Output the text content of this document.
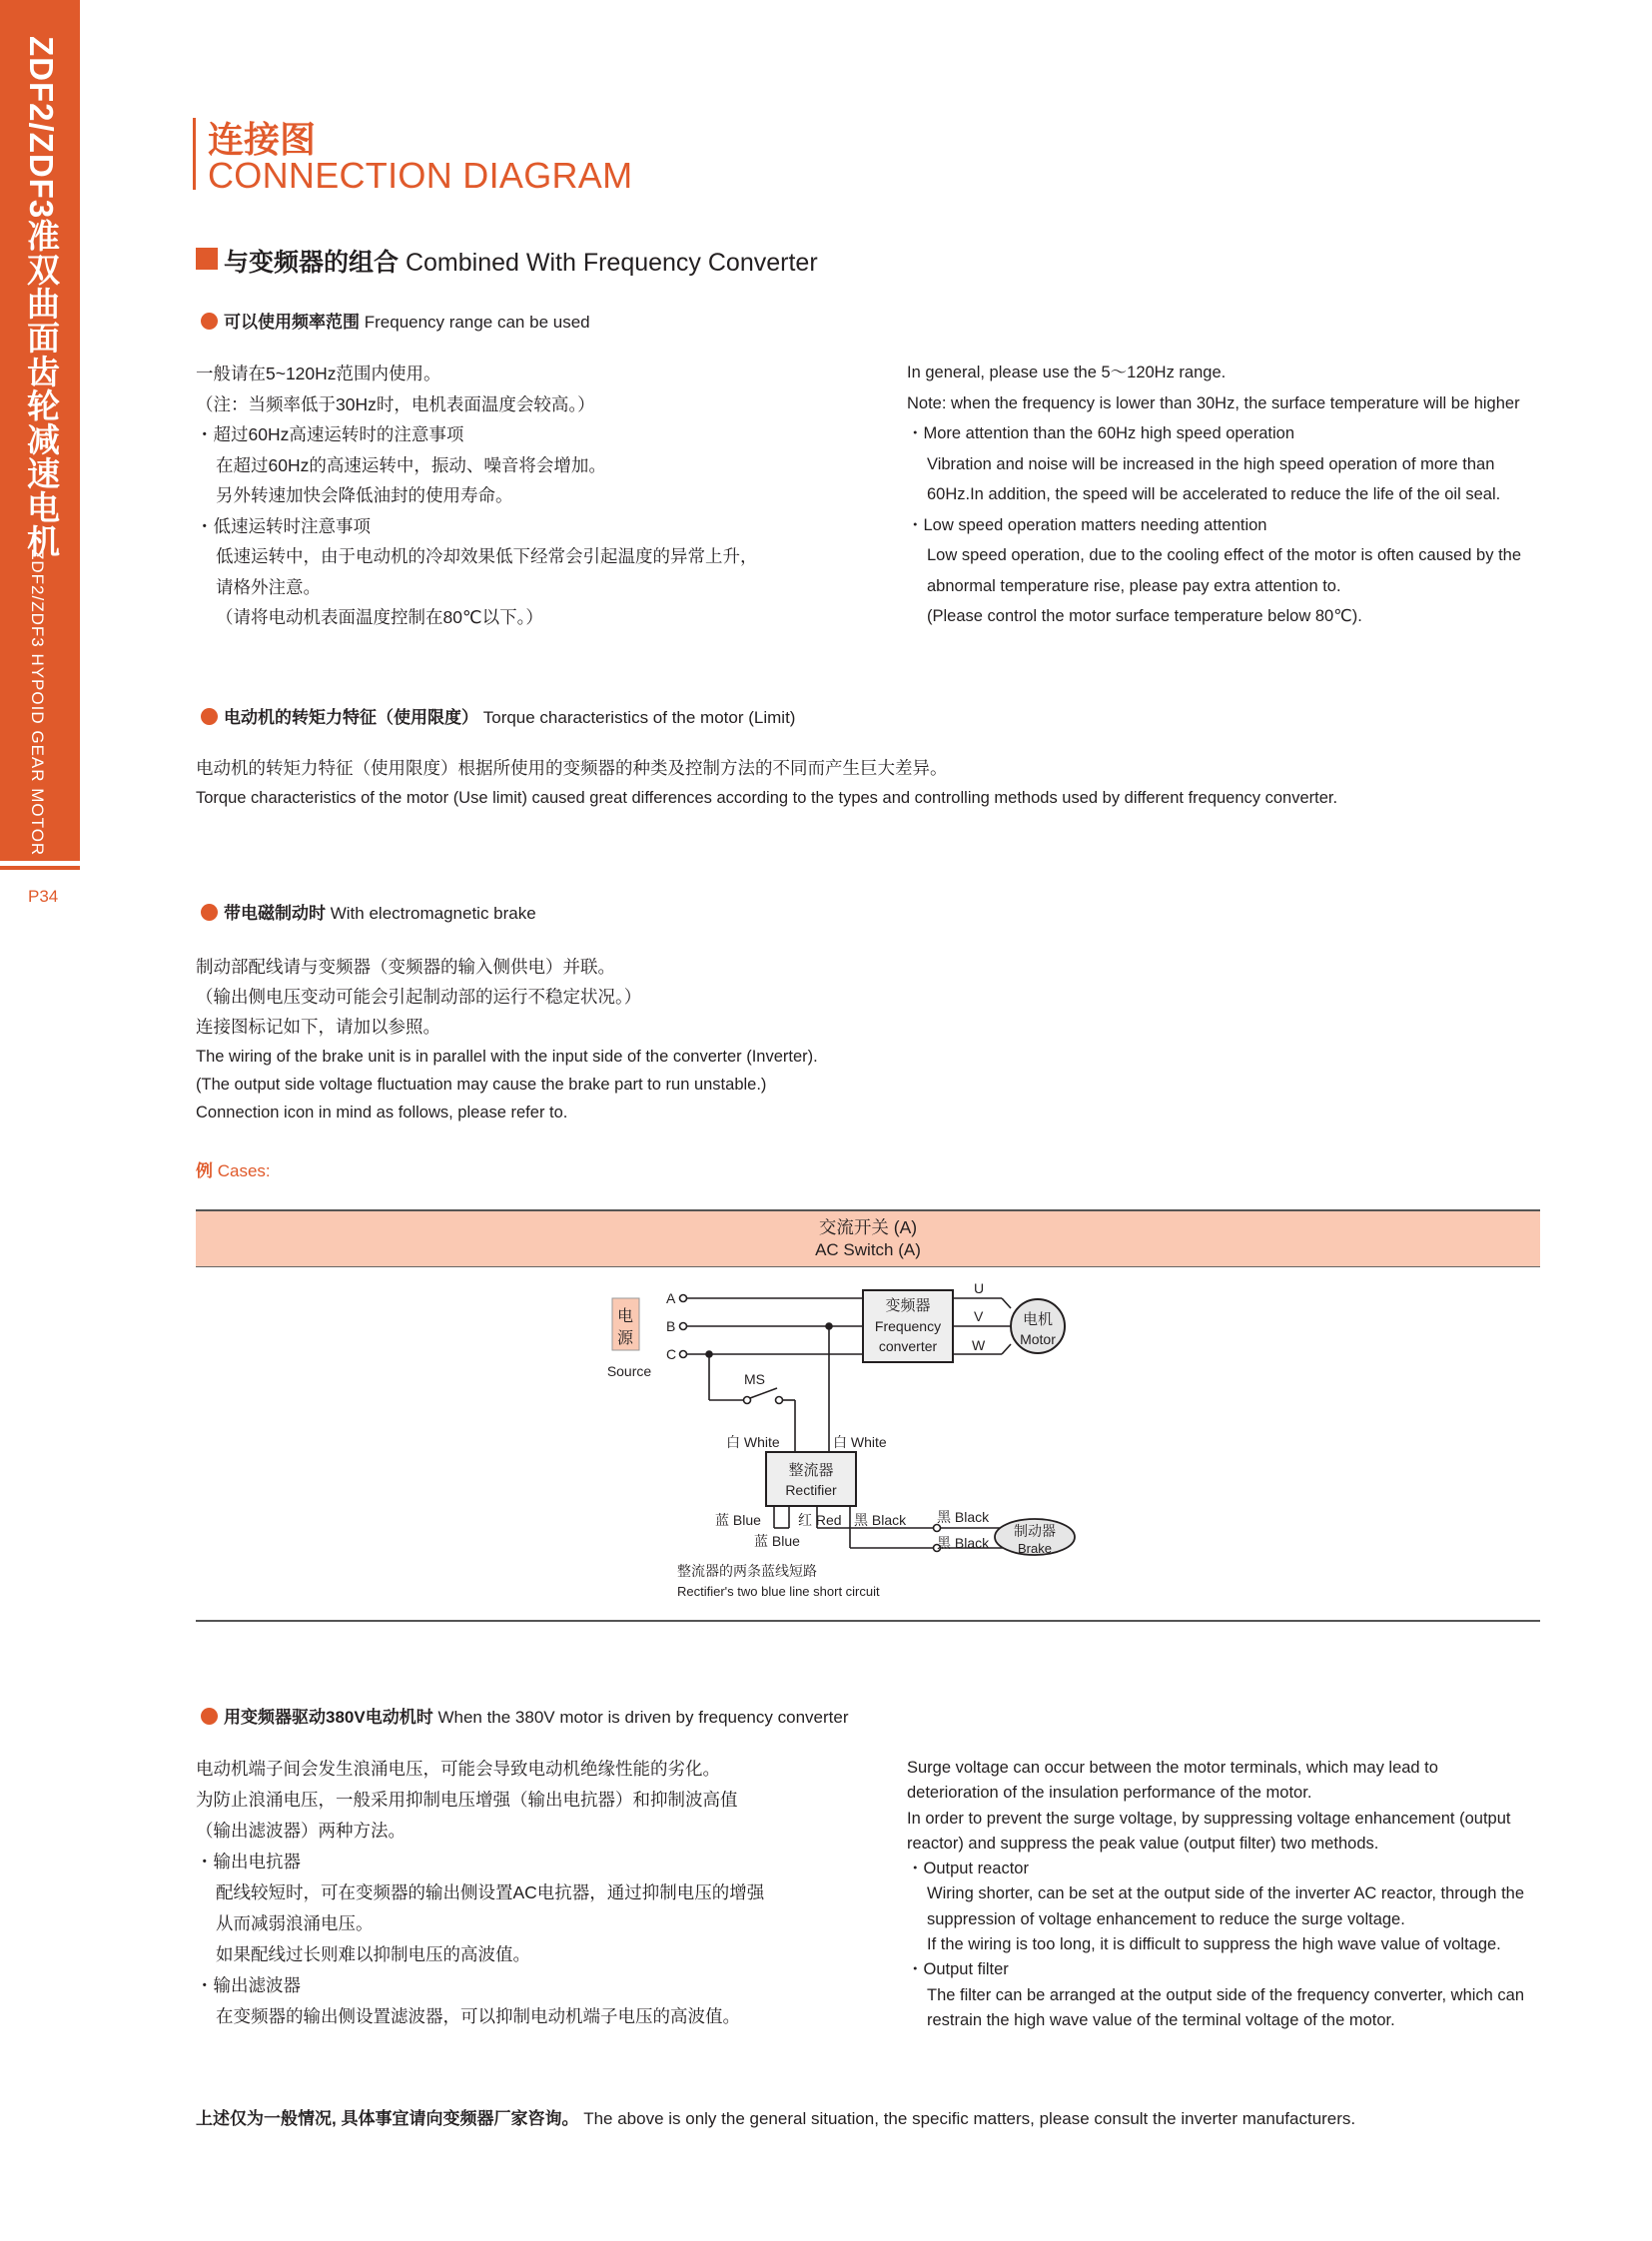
ZDF2/ZDF3准双曲面齿轮减速电机
ZDF2/ZDF3 HYPOID GEAR MOTOR
P34
连接图
CONNECTION DIAGRAM
与变频器的组合 Combined With Frequency Converter
可以使用频率范围 Frequency range can be used
一般请在5~120Hz范围内使用。
（注：当频率低于30Hz时，电机表面温度会较高。）
・超过60Hz高速运转时的注意事项
在超过60Hz的高速运转中，振动、噪音将会增加。
另外转速加快会降低油封的使用寿命。
・低速运转时注意事项
低速运转中，由于电动机的冷却效果低下经常会引起温度的异常上升，
请格外注意。
（请将电动机表面温度控制在80℃以下。）
In general, please use the 5～120Hz range.
Note: when the frequency is lower than 30Hz, the surface temperature will be higher
・More attention than the 60Hz high speed operation
Vibration and noise will be increased in the high speed operation of more than
60Hz.In addition, the speed will be accelerated to reduce the life of the oil seal.
・Low speed operation matters needing attention
Low speed operation, due to the cooling effect of the motor is often caused by the
abnormal temperature rise, please pay extra attention to.
(Please control the motor surface temperature below 80℃).
电动机的转矩力特征（使用限度） Torque characteristics of the motor (Limit)
电动机的转矩力特征（使用限度）根据所使用的变频器的种类及控制方法的不同而产生巨大差异。
Torque characteristics of the motor (Use limit) caused great differences according to the types and controlling methods used by different frequency converter.
带电磁制动时 With electromagnetic brake
制动部配线请与变频器（变频器的输入侧供电）并联。
（输出侧电压变动可能会引起制动部的运行不稳定状况。）
连接图标记如下，请加以参照。
The wiring of the brake unit is in parallel with the input side of the converter (Inverter).
(The output side voltage fluctuation may cause the brake part to run unstable.)
Connection icon in mind as follows, please refer to.
例 Cases:
交流开关 (A)
AC Switch (A)
电
源
Source
A
B
C
变频器
Frequency
converter
U
V
W
电机
Motor
MS
白 White	白 White
整流器
Rectifier
蓝 Blue	红 Red 黑 Black
蓝 Blue
黑 Black
黑 Black
制动器
Brake
整流器的两条蓝线短路
Rectifier's two blue line short circuit
用变频器驱动380V电动机时 When the 380V motor is driven by frequency converter
电动机端子间会发生浪涌电压，可能会导致电动机绝缘性能的劣化。
为防止浪涌电压，一般采用抑制电压增强（输出电抗器）和抑制波高值
（输出滤波器）两种方法。
・输出电抗器
配线较短时，可在变频器的输出侧设置AC电抗器，通过抑制电压的增强
从而减弱浪涌电压。
如果配线过长则难以抑制电压的高波值。
・输出滤波器
在变频器的输出侧设置滤波器，可以抑制电动机端子电压的高波值。
Surge voltage can occur between the motor terminals, which may lead to
deterioration of the insulation performance of the motor.
In order to prevent the surge voltage, by suppressing voltage enhancement (output
reactor) and suppress the peak value (output filter) two methods.
・Output reactor
Wiring shorter, can be set at the output side of the inverter AC reactor, through the
suppression of voltage enhancement to reduce the surge voltage.
If the wiring is too long, it is difficult to suppress the high wave value of voltage.
・Output filter
The filter can be arranged at the output side of the frequency converter, which can
restrain the high wave value of the terminal voltage of the motor.
上述仅为一般情况, 具体事宜请向变频器厂家咨询。 The above is only the general situation, the specific matters, please consult the inverter manufacturers.
